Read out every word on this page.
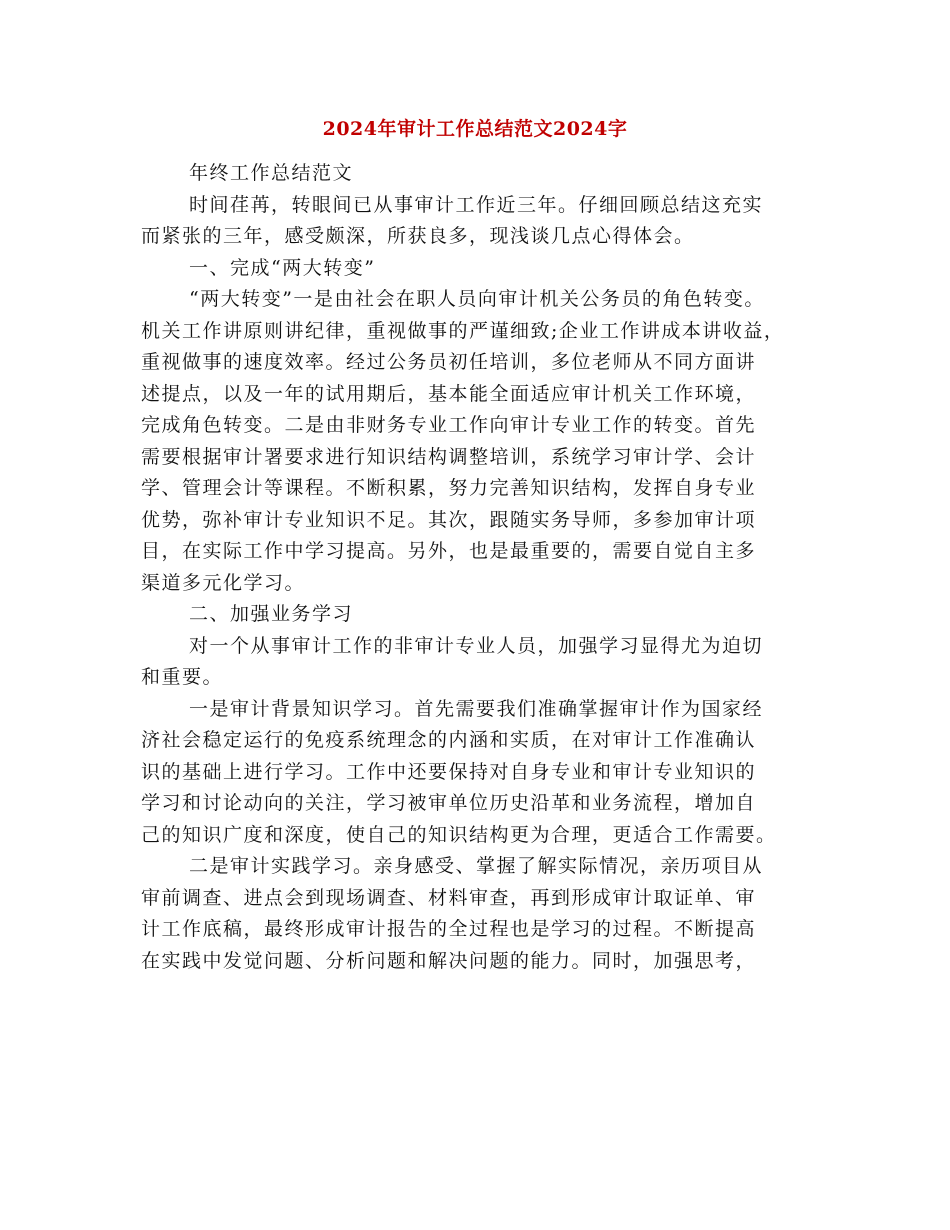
2024年审计工作总结范文2024字
年终工作总结范文
时间荏苒，转眼间已从事审计工作近三年。仔细回顾总结这充实
而紧张的三年，感受颇深，所获良多，现浅谈几点心得体会。
一、完成“两大转变”
“两大转变”一是由社会在职人员向审计机关公务员的角色转变。
机关工作讲原则讲纪律，重视做事的严谨细致;企业工作讲成本讲收益，
重视做事的速度效率。经过公务员初任培训，多位老师从不同方面讲
述提点，以及一年的试用期后，基本能全面适应审计机关工作环境，
完成角色转变。二是由非财务专业工作向审计专业工作的转变。首先
需要根据审计署要求进行知识结构调整培训，系统学习审计学、会计
学、管理会计等课程。不断积累，努力完善知识结构，发挥自身专业
优势，弥补审计专业知识不足。其次，跟随实务导师，多参加审计项
目，在实际工作中学习提高。另外，也是最重要的，需要自觉自主多
渠道多元化学习。
二、加强业务学习
对一个从事审计工作的非审计专业人员，加强学习显得尤为迫切
和重要。
一是审计背景知识学习。首先需要我们准确掌握审计作为国家经
济社会稳定运行的免疫系统理念的内涵和实质，在对审计工作准确认
识的基础上进行学习。工作中还要保持对自身专业和审计专业知识的
学习和讨论动向的关注，学习被审单位历史沿革和业务流程，增加自
己的知识广度和深度，使自己的知识结构更为合理，更适合工作需要。
二是审计实践学习。亲身感受、掌握了解实际情况，亲历项目从
审前调查、进点会到现场调查、材料审查，再到形成审计取证单、审
计工作底稿，最终形成审计报告的全过程也是学习的过程。不断提高
在实践中发觉问题、分析问题和解决问题的能力。同时，加强思考，
